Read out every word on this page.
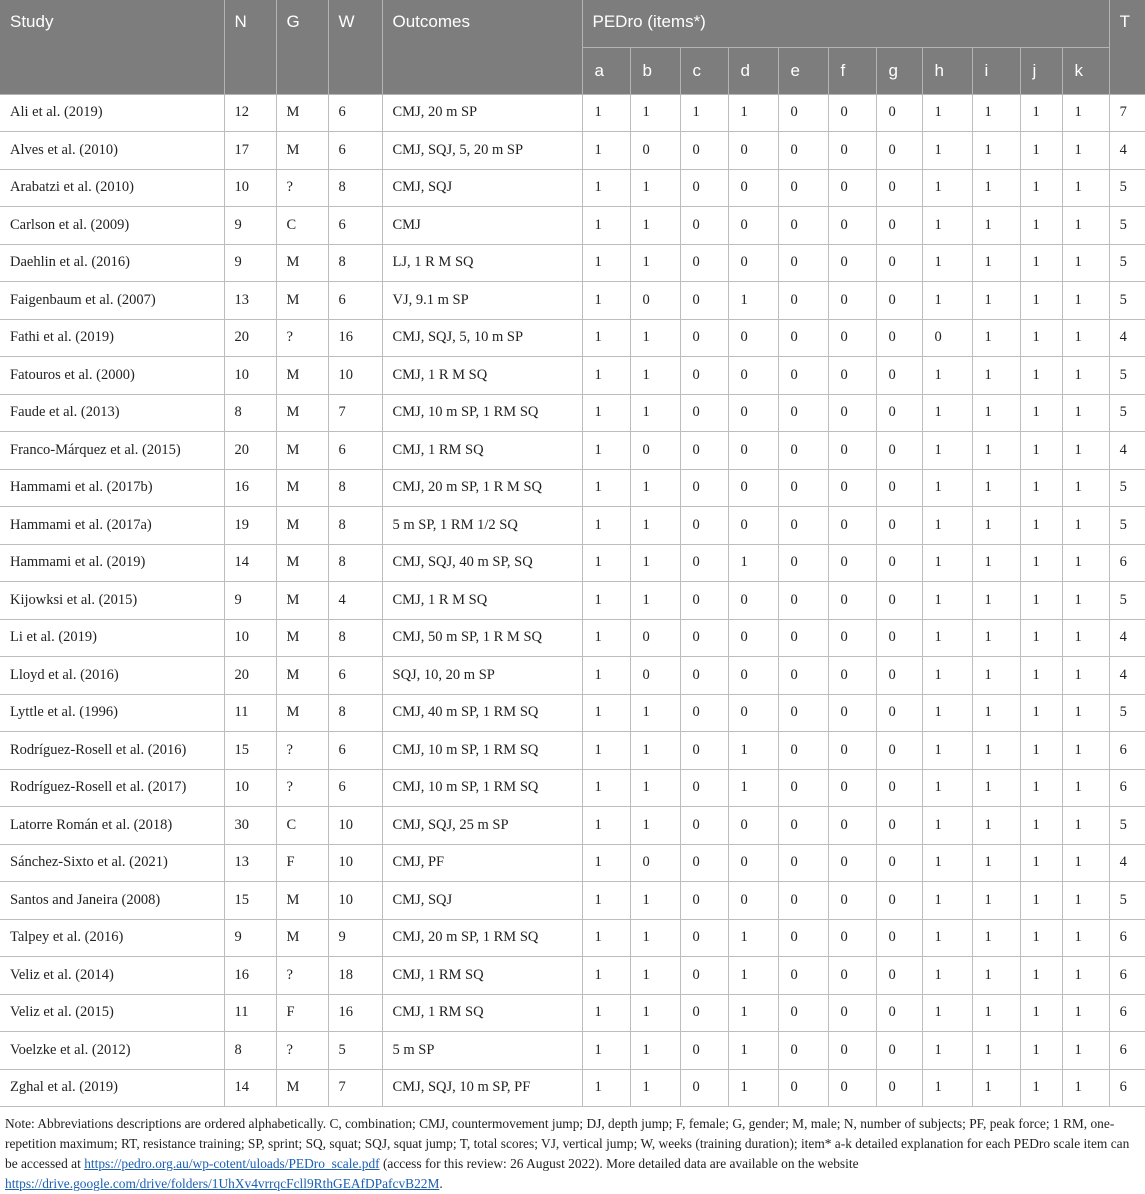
Study	N	G	W	Outcomes	PEDro (items*)											T
					a	b	c	d	e	f	g	h	i	j	k	
Ali et al. (2019)	12	M	6	CMJ, 20 m SP	1	1	1	1	0	0	0	1	1	1	1	7
Alves et al. (2010)	17	M	6	CMJ, SQJ, 5, 20 m SP	1	0	0	0	0	0	0	1	1	1	1	4
Arabatzi et al. (2010)	10	?	8	CMJ, SQJ	1	1	0	0	0	0	0	1	1	1	1	5
Carlson et al. (2009)	9	C	6	CMJ	1	1	0	0	0	0	0	1	1	1	1	5
Daehlin et al. (2016)	9	M	8	LJ, 1 R M SQ	1	1	0	0	0	0	0	1	1	1	1	5
Faigenbaum et al. (2007)	13	M	6	VJ, 9.1 m SP	1	0	0	1	0	0	0	1	1	1	1	5
Fathi et al. (2019)	20	?	16	CMJ, SQJ, 5, 10 m SP	1	1	0	0	0	0	0	0	1	1	1	4
Fatouros et al. (2000)	10	M	10	CMJ, 1 R M SQ	1	1	0	0	0	0	0	1	1	1	1	5
Faude et al. (2013)	8	M	7	CMJ, 10 m SP, 1 RM SQ	1	1	0	0	0	0	0	1	1	1	1	5
Franco-Márquez et al. (2015)	20	M	6	CMJ, 1 RM SQ	1	0	0	0	0	0	0	1	1	1	1	4
Hammami et al. (2017b)	16	M	8	CMJ, 20 m SP, 1 R M SQ	1	1	0	0	0	0	0	1	1	1	1	5
Hammami et al. (2017a)	19	M	8	5 m SP, 1 RM 1/2 SQ	1	1	0	0	0	0	0	1	1	1	1	5
Hammami et al. (2019)	14	M	8	CMJ, SQJ, 40 m SP, SQ	1	1	0	1	0	0	0	1	1	1	1	6
Kijowksi et al. (2015)	9	M	4	CMJ, 1 R M SQ	1	1	0	0	0	0	0	1	1	1	1	5
Li et al. (2019)	10	M	8	CMJ, 50 m SP, 1 R M SQ	1	0	0	0	0	0	0	1	1	1	1	4
Lloyd et al. (2016)	20	M	6	SQJ, 10, 20 m SP	1	0	0	0	0	0	0	1	1	1	1	4
Lyttle et al. (1996)	11	M	8	CMJ, 40 m SP, 1 RM SQ	1	1	0	0	0	0	0	1	1	1	1	5
Rodríguez-Rosell et al. (2016)	15	?	6	CMJ, 10 m SP, 1 RM SQ	1	1	0	1	0	0	0	1	1	1	1	6
Rodríguez-Rosell et al. (2017)	10	?	6	CMJ, 10 m SP, 1 RM SQ	1	1	0	1	0	0	0	1	1	1	1	6
Latorre Román et al. (2018)	30	C	10	CMJ, SQJ, 25 m SP	1	1	0	0	0	0	0	1	1	1	1	5
Sánchez-Sixto et al. (2021)	13	F	10	CMJ, PF	1	0	0	0	0	0	0	1	1	1	1	4
Santos and Janeira (2008)	15	M	10	CMJ, SQJ	1	1	0	0	0	0	0	1	1	1	1	5
Talpey et al. (2016)	9	M	9	CMJ, 20 m SP, 1 RM SQ	1	1	0	1	0	0	0	1	1	1	1	6
Veliz et al. (2014)	16	?	18	CMJ, 1 RM SQ	1	1	0	1	0	0	0	1	1	1	1	6
Veliz et al. (2015)	11	F	16	CMJ, 1 RM SQ	1	1	0	1	0	0	0	1	1	1	1	6
Voelzke et al. (2012)	8	?	5	5 m SP	1	1	0	1	0	0	0	1	1	1	1	6
Zghal et al. (2019)	14	M	7	CMJ, SQJ, 10 m SP, PF	1	1	0	1	0	0	0	1	1	1	1	6

Note: Abbreviations descriptions are ordered alphabetically. C, combination; CMJ, countermovement jump; DJ, depth jump; F, female; G, gender; M, male; N, number of subjects; PF, peak force; 1 RM, one-repetition maximum; RT, resistance training; SP, sprint; SQ, squat; SQJ, squat jump; T, total scores; VJ, vertical jump; W, weeks (training duration); item* a-k detailed explanation for each PEDro scale item can be accessed at https://pedro.org.au/wp-cotent/uloads/PEDro_scale.pdf (access for this review: 26 August 2022). More detailed data are available on the website https://drive.google.com/drive/folders/1UhXv4vrrqcFcll9RthGEAfDPafcvB22M.
